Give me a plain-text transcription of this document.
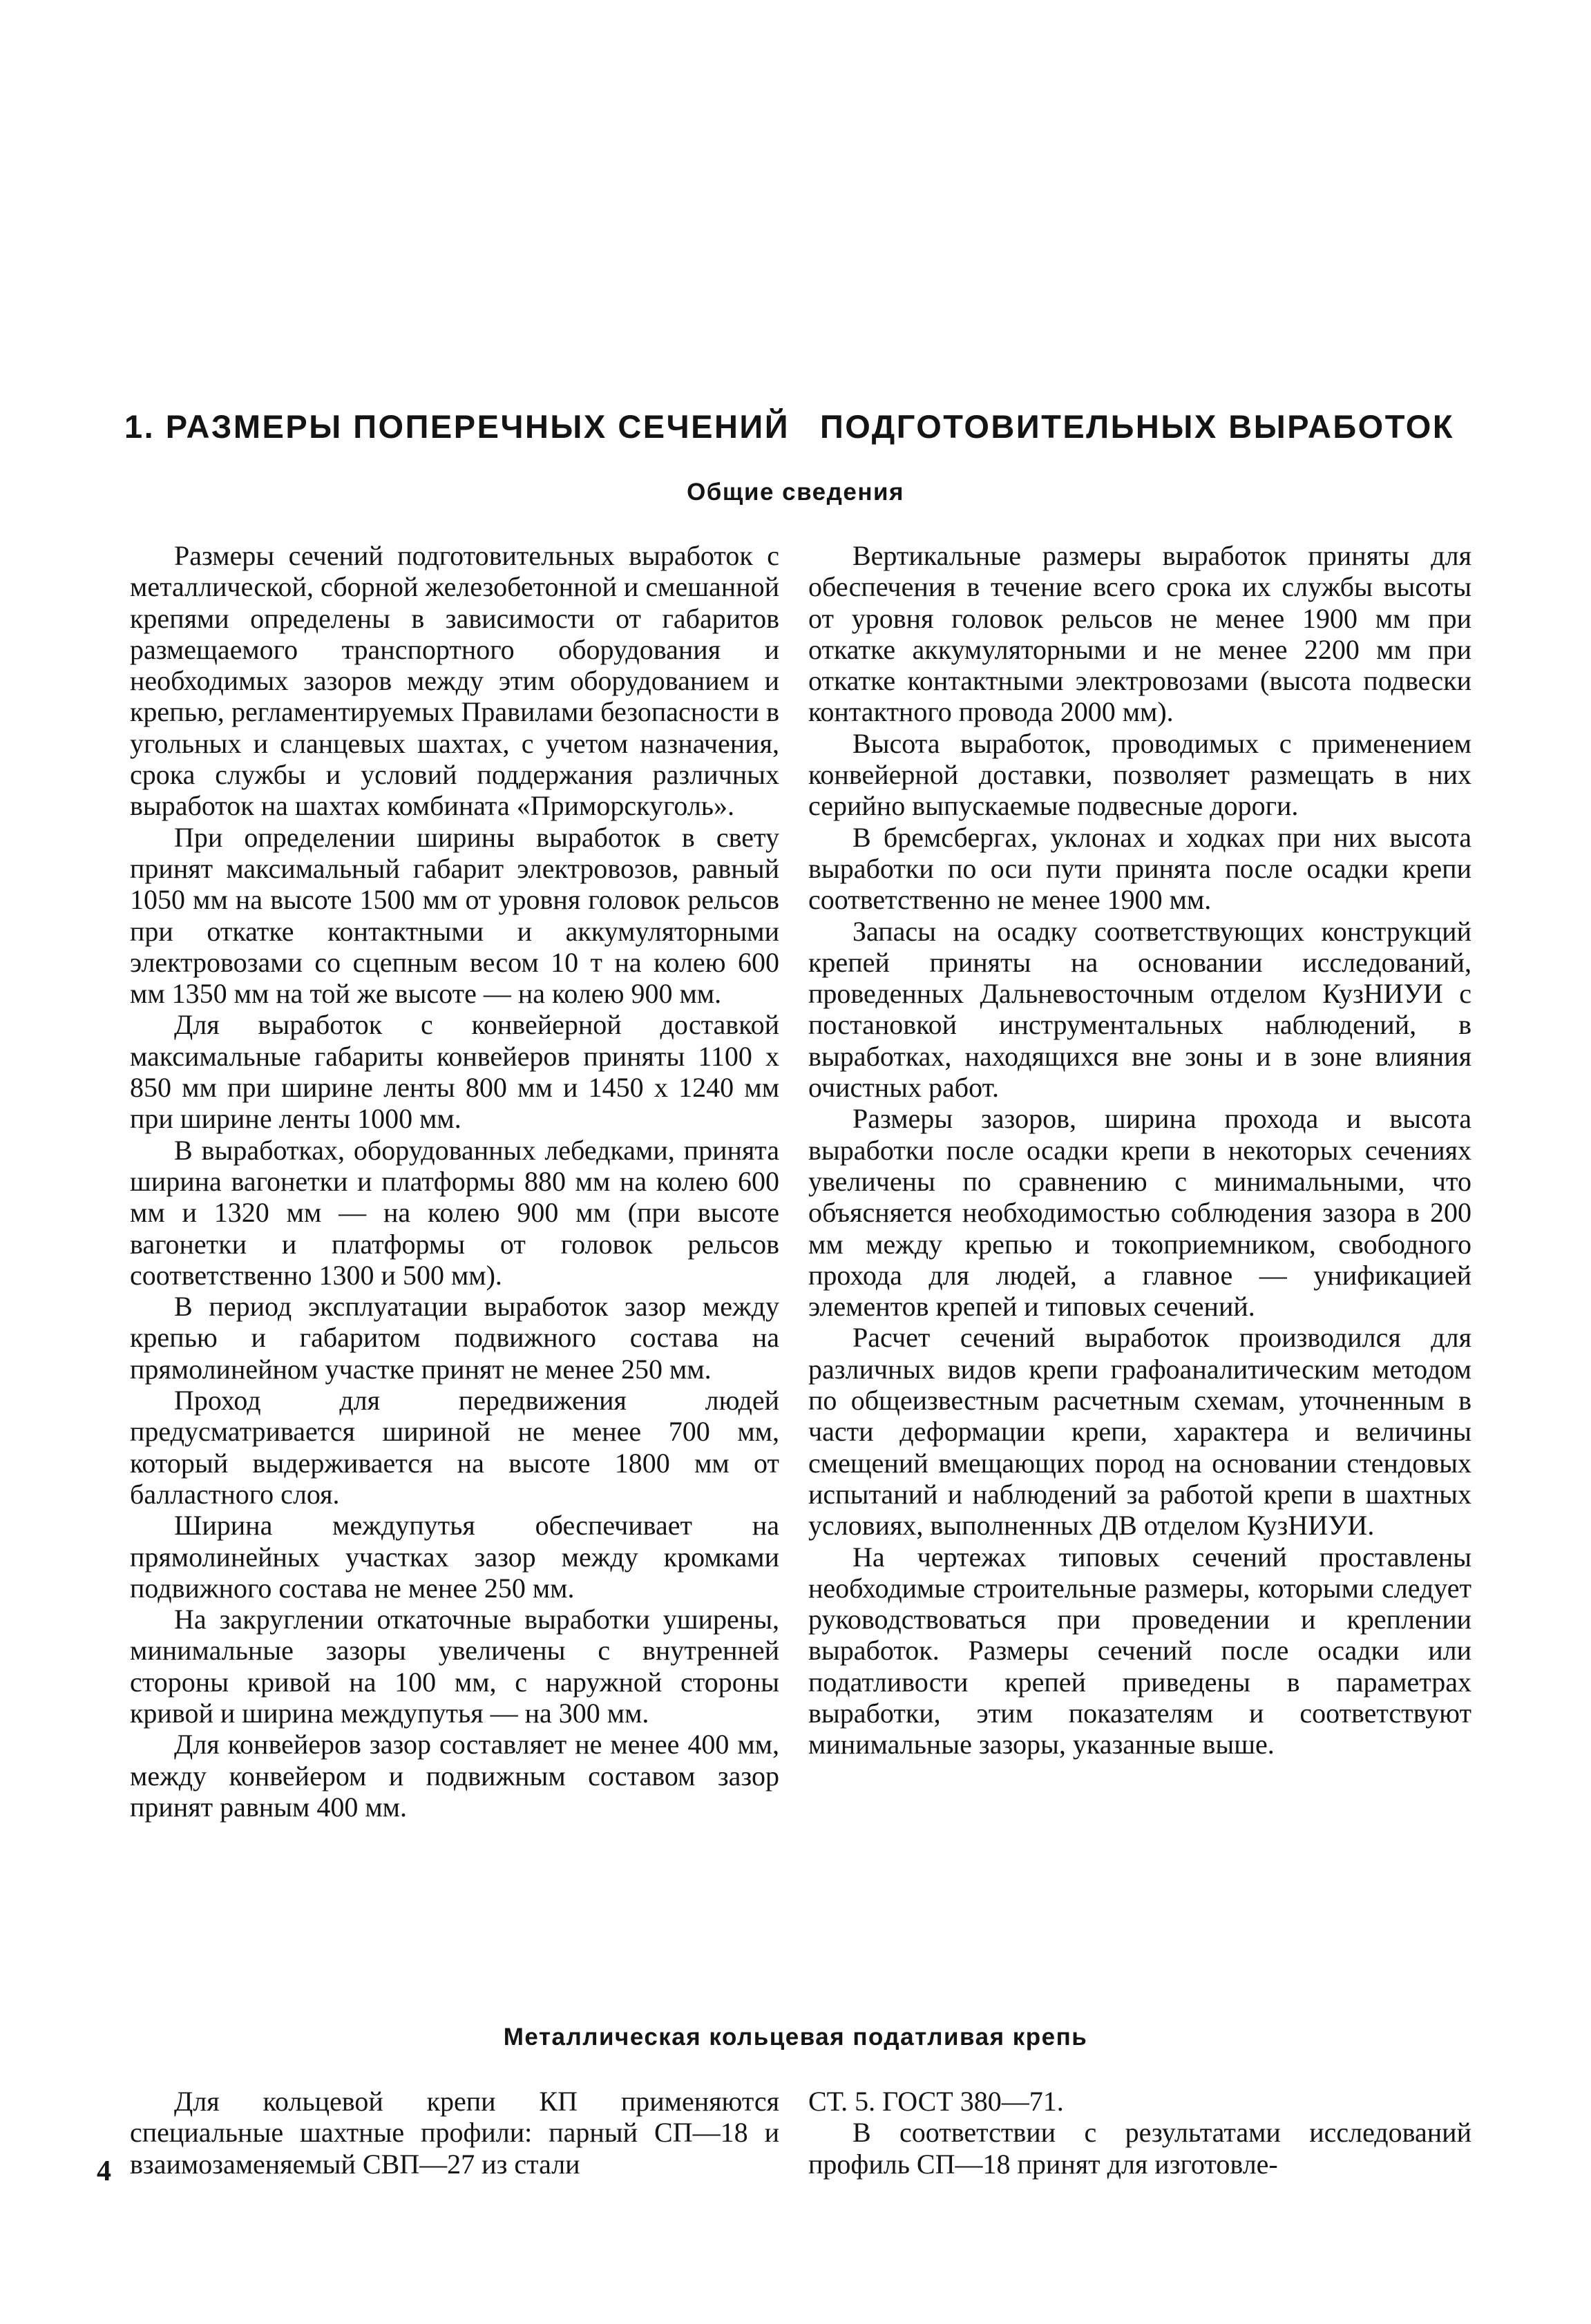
1. РАЗМЕРЫ ПОПЕРЕЧНЫХ СЕЧЕНИЙ ПОДГОТОВИТЕЛЬНЫХ ВЫРАБОТОК
Общие сведения

Размеры сечений подготовительных выработок с металлической, сборной железобетонной и смешанной крепями определены в зависимости от габаритов размещаемого транспортного оборудования и необходимых зазоров между этим оборудованием и крепью, регламентируемых Правилами безопасности в угольных и сланцевых шахтах, с учетом назначения, срока службы и условий поддержания различных выработок на шахтах комбината «Приморскуголь».

При определении ширины выработок в свету принят максимальный габарит электровозов, равный 1050 мм на высоте 1500 мм от уровня головок рельсов при откатке контактными и аккумуляторными электровозами со сцепным весом 10 т на колею 600 мм 1350 мм на той же высоте — на колею 900 мм.

Для выработок с конвейерной доставкой максимальные габариты конвейеров приняты 1100 х 850 мм при ширине ленты 800 мм и 1450 х 1240 мм при ширине ленты 1000 мм.

В выработках, оборудованных лебедками, принята ширина вагонетки и платформы 880 мм на колею 600 мм и 1320 мм — на колею 900 мм (при высоте вагонетки и платформы от головок рельсов соответственно 1300 и 500 мм).

В период эксплуатации выработок зазор между крепью и габаритом подвижного состава на прямолинейном участке принят не менее 250 мм.

Проход для передвижения людей предусматривается шириной не менее 700 мм, который выдерживается на высоте 1800 мм от балластного слоя.

Ширина междупутья обеспечивает на прямолинейных участках зазор между кромками подвижного состава не менее 250 мм.

На закруглении откаточные выработки уширены, минимальные зазоры увеличены с внутренней стороны кривой на 100 мм, с наружной стороны кривой и ширина междупутья — на 300 мм.

Для конвейеров зазор составляет не менее 400 мм, между конвейером и подвижным составом зазор принят равным 400 мм.

Вертикальные размеры выработок приняты для обеспечения в течение всего срока их службы высоты от уровня головок рельсов не менее 1900 мм при откатке аккумуляторными и не менее 2200 мм при откатке контактными электровозами (высота подвески контактного провода 2000 мм).

Высота выработок, проводимых с применением конвейерной доставки, позволяет размещать в них серийно выпускаемые подвесные дороги.

В бремсбергах, уклонах и ходках при них высота выработки по оси пути принята после осадки крепи соответственно не менее 1900 мм.

Запасы на осадку соответствующих конструкций крепей приняты на основании исследований, проведенных Дальневосточным отделом КузНИУИ с постановкой инструментальных наблюдений, в выработках, находящихся вне зоны и в зоне влияния очистных работ.

Размеры зазоров, ширина прохода и высота выработки после осадки крепи в некоторых сечениях увеличены по сравнению с минимальными, что объясняется необходимостью соблюдения зазора в 200 мм между крепью и токоприемником, свободного прохода для людей, а главное — унификацией элементов крепей и типовых сечений.

Расчет сечений выработок производился для различных видов крепи графоаналитическим методом по общеизвестным расчетным схемам, уточненным в части деформации крепи, характера и величины смещений вмещающих пород на основании стендовых испытаний и наблюдений за работой крепи в шахтных условиях, выполненных ДВ отделом КузНИУИ.

На чертежах типовых сечений проставлены необходимые строительные размеры, которыми следует руководствоваться при проведении и креплении выработок. Размеры сечений после осадки или податливости крепей приведены в параметрах выработки, этим показателям и соответствуют минимальные зазоры, указанные выше.

Металлическая кольцевая податливая крепь

Для кольцевой крепи КП применяются специальные шахтные профили: парный СП—18 и взаимозаменяемый СВП—27 из стали

СТ. 5. ГОСТ 380—71.

В соответствии с результатами исследований профиль СП—18 принят для изготовле-

4
